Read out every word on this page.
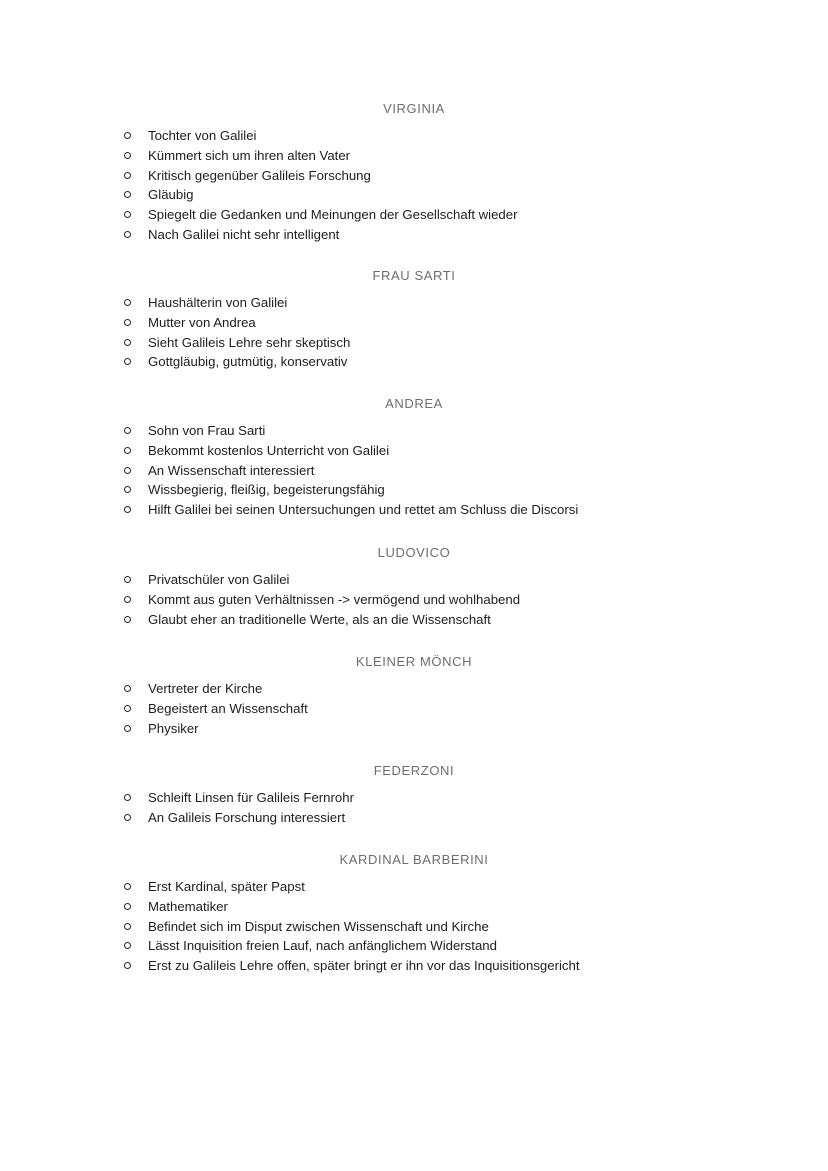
VIRGINIA
Tochter von Galilei
Kümmert sich um ihren alten Vater
Kritisch gegenüber Galileis Forschung
Gläubig
Spiegelt die Gedanken und Meinungen der Gesellschaft wieder
Nach Galilei nicht sehr intelligent
FRAU SARTI
Haushälterin von Galilei
Mutter von Andrea
Sieht Galileis Lehre sehr skeptisch
Gottgläubig, gutmütig, konservativ
ANDREA
Sohn von Frau Sarti
Bekommt kostenlos Unterricht von Galilei
An Wissenschaft interessiert
Wissbegierig, fleißig, begeisterungsfähig
Hilft Galilei bei seinen Untersuchungen und rettet am Schluss die Discorsi
LUDOVICO
Privatschüler von Galilei
Kommt aus guten Verhältnissen -> vermögend und wohlhabend
Glaubt eher an traditionelle Werte, als an die Wissenschaft
KLEINER MÖNCH
Vertreter der Kirche
Begeistert an Wissenschaft
Physiker
FEDERZONI
Schleift Linsen für Galileis Fernrohr
An Galileis Forschung interessiert
KARDINAL BARBERINI
Erst Kardinal, später Papst
Mathematiker
Befindet sich im Disput zwischen Wissenschaft und Kirche
Lässt Inquisition freien Lauf, nach anfänglichem Widerstand
Erst zu Galileis Lehre offen, später bringt er ihn vor das Inquisitionsgericht
